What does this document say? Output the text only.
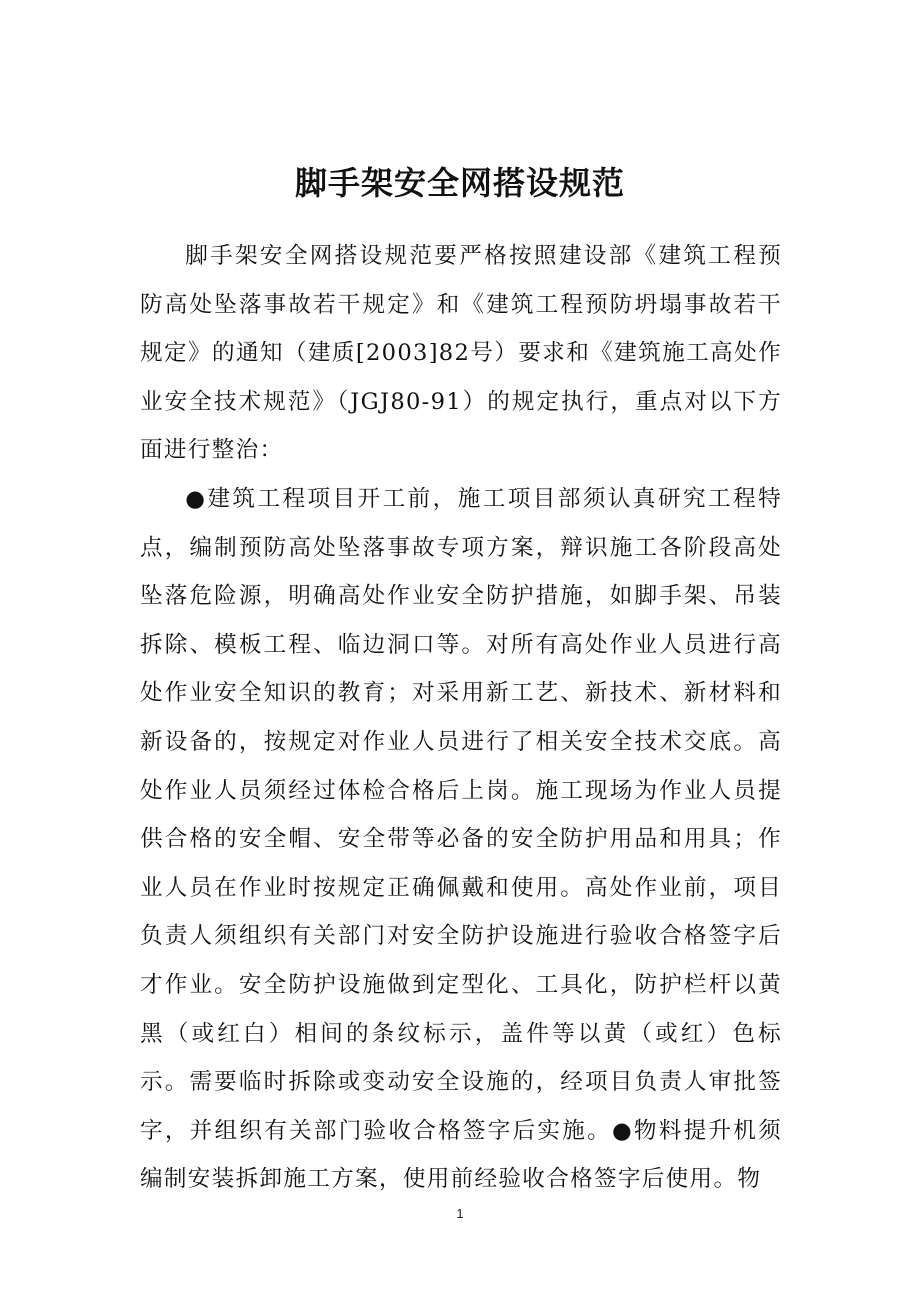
脚手架安全网搭设规范

脚手架安全网搭设规范要严格按照建设部《建筑工程预防高处坠落事故若干规定》和《建筑工程预防坍塌事故若干规定》的通知（建质[2003]82号）要求和《建筑施工高处作业安全技术规范》（JGJ80-91）的规定执行，重点对以下方面进行整治：

●建筑工程项目开工前，施工项目部须认真研究工程特点，编制预防高处坠落事故专项方案，辩识施工各阶段高处坠落危险源，明确高处作业安全防护措施，如脚手架、吊装拆除、模板工程、临边洞口等。对所有高处作业人员进行高处作业安全知识的教育；对采用新工艺、新技术、新材料和新设备的，按规定对作业人员进行了相关安全技术交底。高处作业人员须经过体检合格后上岗。施工现场为作业人员提供合格的安全帽、安全带等必备的安全防护用品和用具；作业人员在作业时按规定正确佩戴和使用。高处作业前，项目负责人须组织有关部门对安全防护设施进行验收合格签字后才作业。安全防护设施做到定型化、工具化，防护栏杆以黄黑（或红白）相间的条纹标示，盖件等以黄（或红）色标示。需要临时拆除或变动安全设施的，经项目负责人审批签字，并组织有关部门验收合格签字后实施。●物料提升机须编制安装拆卸施工方案，使用前经验收合格签字后使用。物

1
